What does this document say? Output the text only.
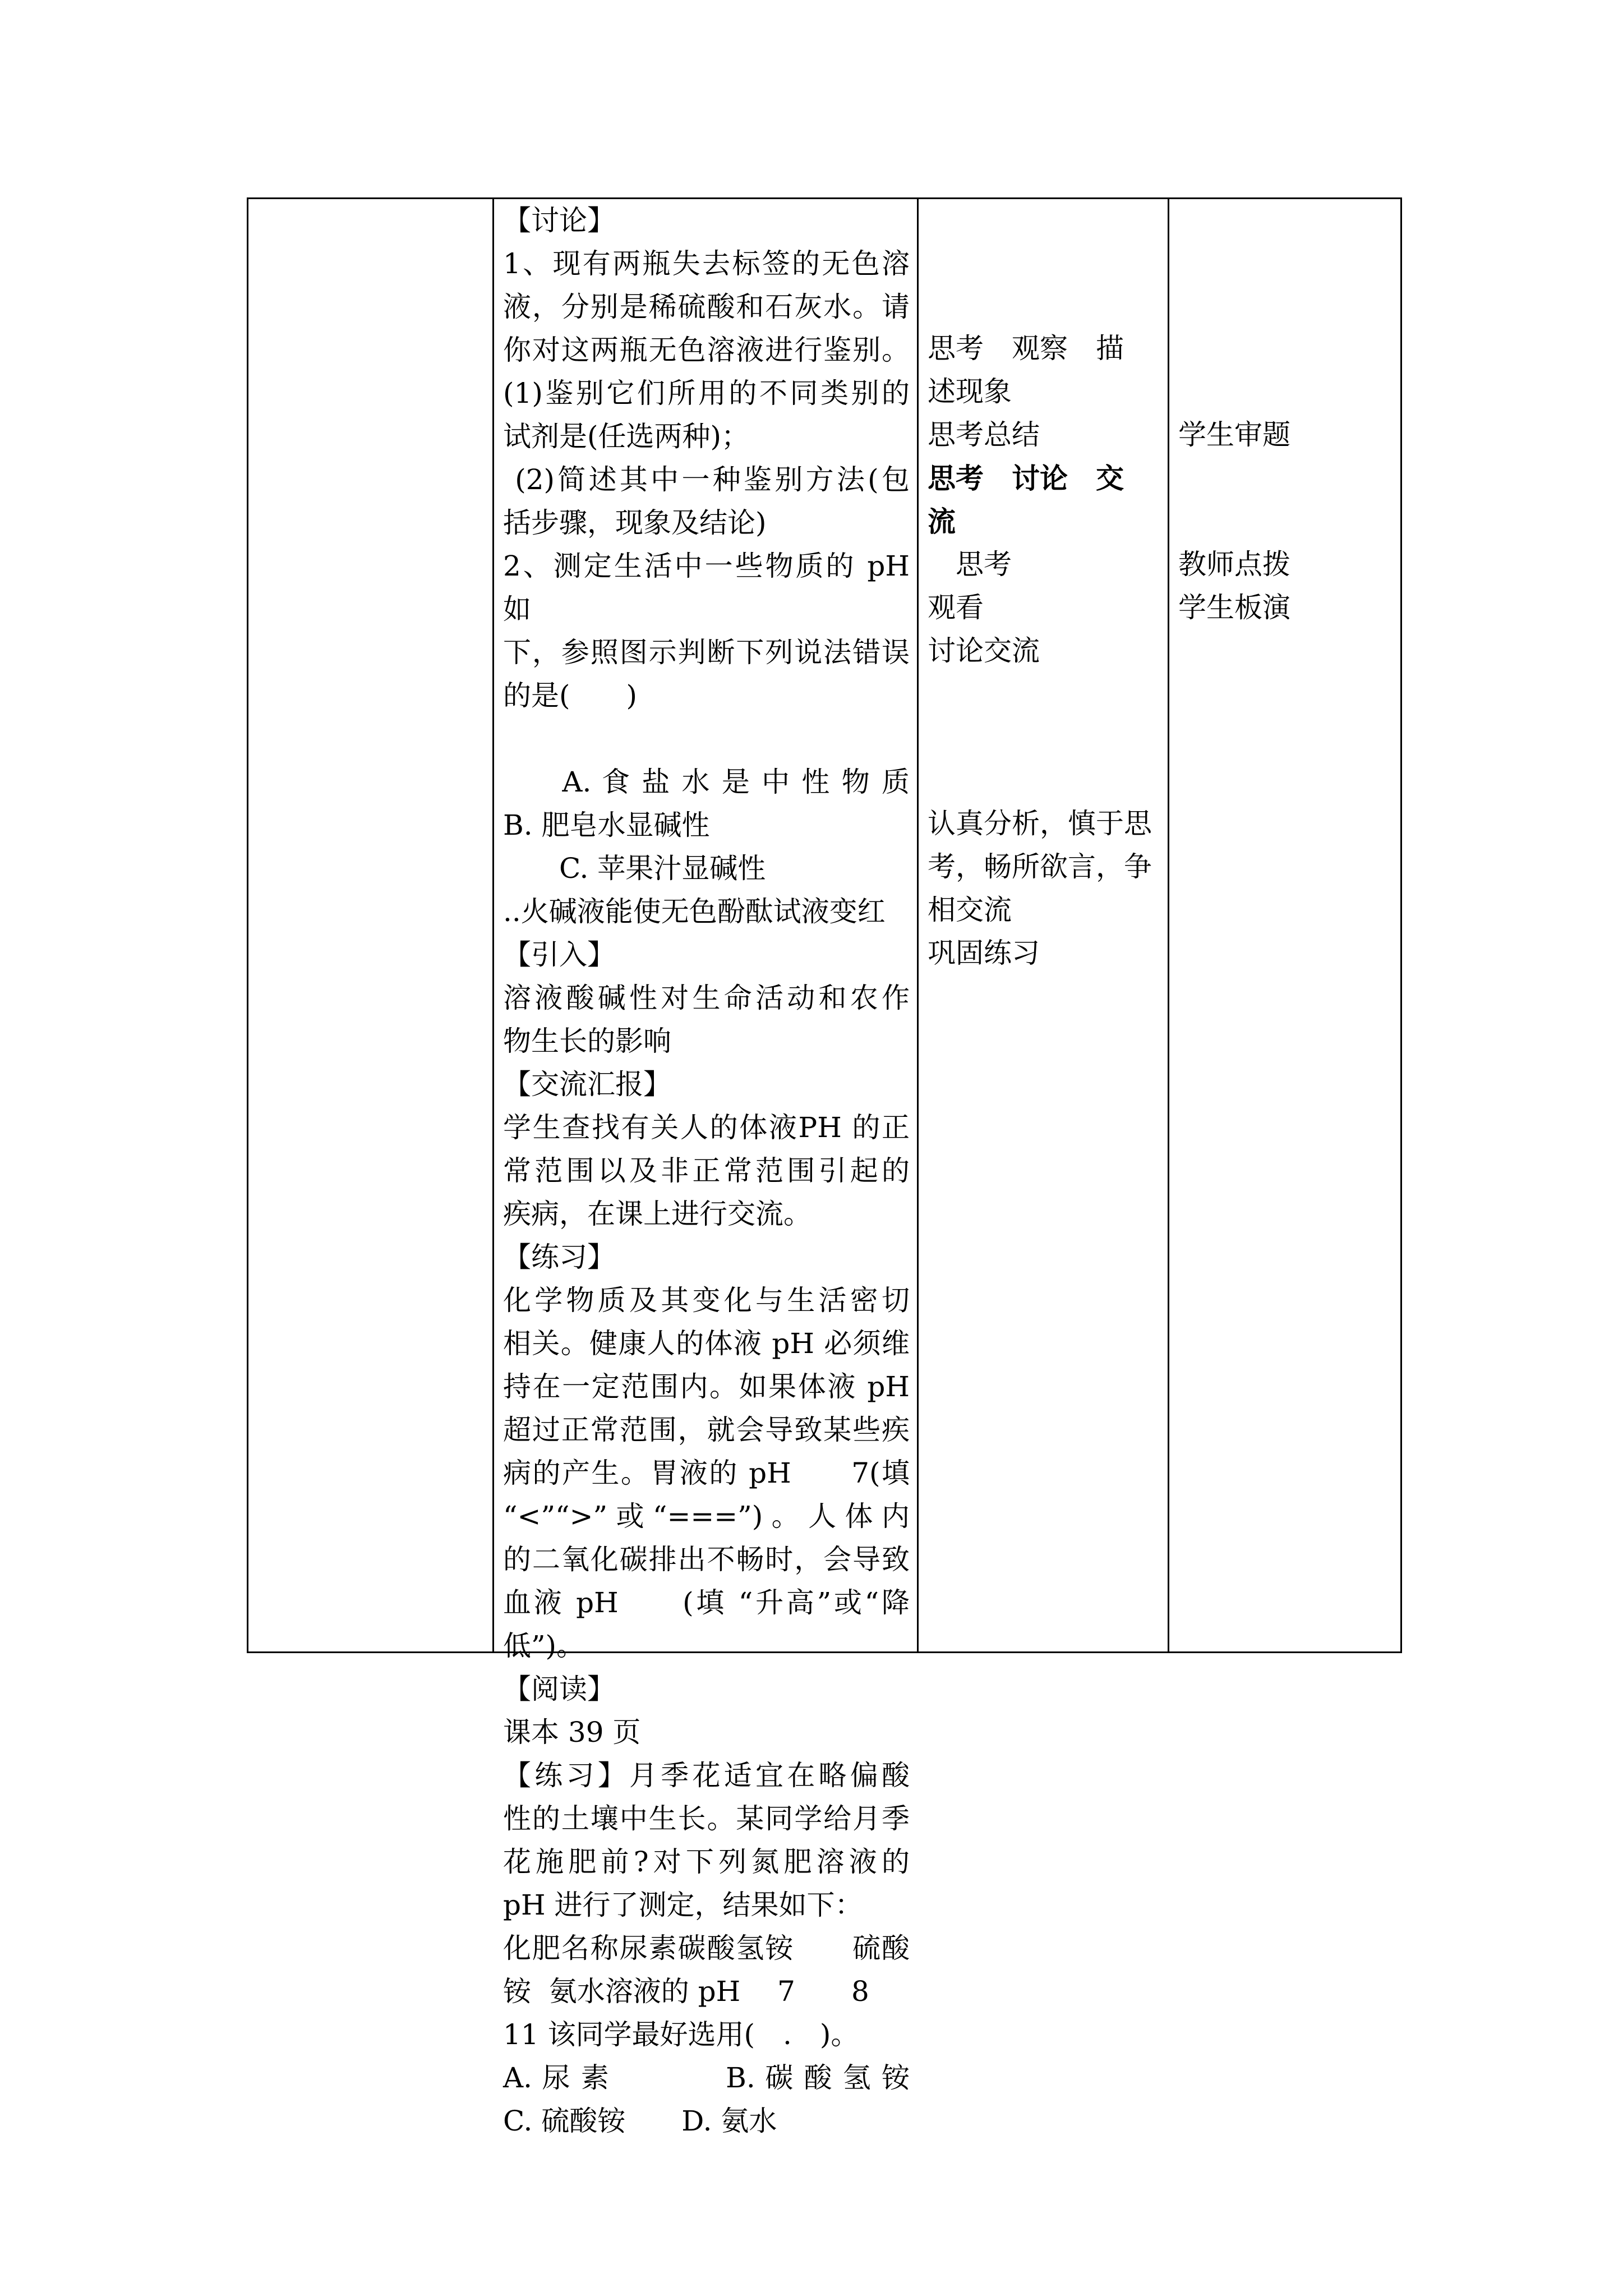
【讨论】

1、现有两瓶失去标签的无色溶

液，分别是稀硫酸和石灰水。请

你对这两瓶无色溶液进行鉴别。

(1)鉴别它们所用的不同类别的

试剂是(任选两种)；

(2)简述其中一种鉴别方法(包

括步骤，现象及结论)

2、测定生活中一些物质的 pH 如

下，参照图示判断下列说法错误

的是(　　)

　　A. 食 盐 水 是 中 性 物 质

B. 肥皂水显碱性

　　C. 苹果汁显碱性

..火碱液能使无色酚酞试液变红

【引入】

溶液酸碱性对生命活动和农作

物生长的影响

【交流汇报】

学生查找有关人的体液PH 的正

常范围以及非正常范围引起的

疾病，在课上进行交流。

【练习】

化学物质及其变化与生活密切

相关。健康人的体液 pH 必须维

持在一定范围内。如果体液 pH

超过正常范围，就会导致某些疾

病的产生。胃液的 pH　　7(填

“<”“>”或“===”)。人体内

的二氧化碳排出不畅时，会导致

血液 pH　　(填 “升高”或“降

低”)。

【阅读】

课本 39 页

【练习】月季花适宜在略偏酸

性的土壤中生长。某同学给月季

花施肥前?对下列氮肥溶液的

pH 进行了测定，结果如下：

化肥名称尿素碳酸氢铵　　硫酸

铵  氨水溶液的 pH　 7　　8

11 该同学最好选用(　.　)。

A. 尿 素　　　　B. 碳 酸 氢 铵

C. 硫酸铵　　D. 氨水

思考　观察　描

述现象

思考总结

思考　讨论　交

流

　思考

观看

讨论交流

认真分析，慎于思

考，畅所欲言，争

相交流

巩固练习

学生审题

教师点拨

学生板演
